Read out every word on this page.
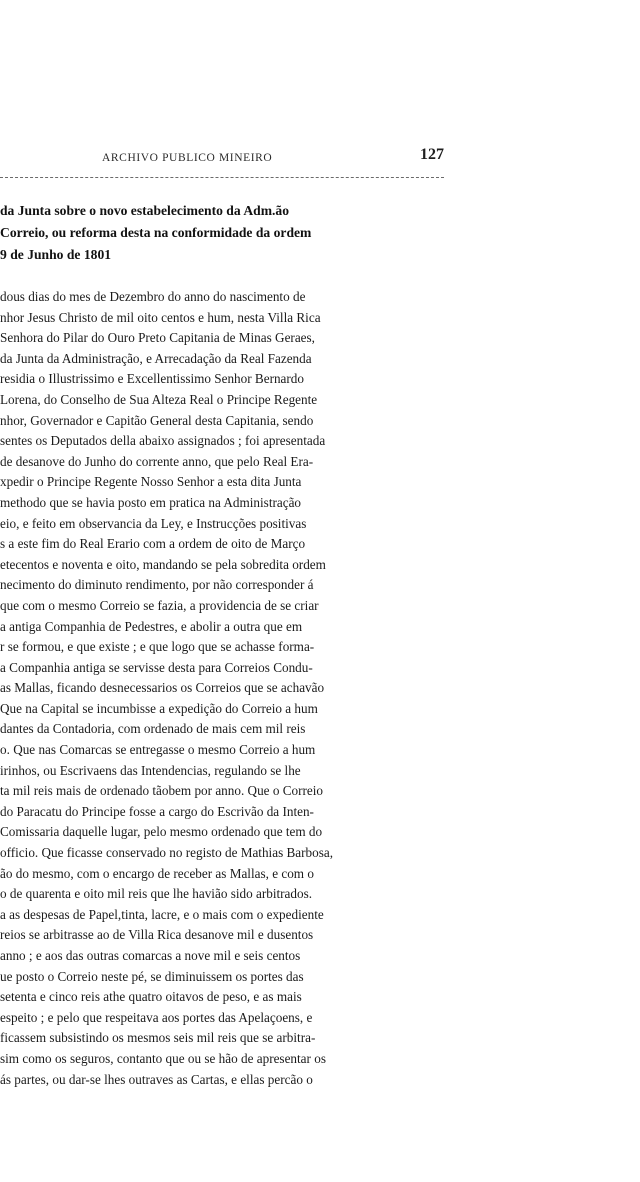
ARCHIVO PUBLICO MINEIRO	127
da Junta sobre o novo estabelecimento da Adm.ão
Correio, ou reforma desta na conformidade da ordem
9 de Junho de 1801
dous dias do mes de Dezembro do anno do nascimento de
nhor Jesus Christo de mil oito centos e hum, nesta Villa Rica
Senhora do Pilar do Ouro Preto Capitania de Minas Geraes,
da Junta da Administração, e Arrecadação da Real Fazenda
residia o Illustrissimo e Excellentissimo Senhor Bernardo
Lorena, do Conselho de Sua Alteza Real o Principe Regente
nhor, Governador e Capitão General desta Capitania, sendo
sentes os Deputados della abaixo assignados ; foi apresentada
de desanove do Junho do corrente anno, que pelo Real Era-
xpedir o Principe Regente Nosso Senhor a esta dita Junta
methodo que se havia posto em pratica na Administração
eio, e feito em observancia da Ley, e Instrucções positivas
s a este fim do Real Erario com a ordem de oito de Março
etecentos e noventa e oito, mandando se pela sobredita ordem
necimento do diminuto rendimento, por não corresponder á
que com o mesmo Correio se fazia, a providencia de se criar
a antiga Companhia de Pedestres, e abolir a outra que em
r se formou, e que existe ; e que logo que se achasse forma-
a Companhia antiga se servisse desta para Correios Condu-
as Mallas, ficando desnecessarios os Correios que se achavão
Que na Capital se incumbisse a expedição do Correio a hum
dantes da Contadoria, com ordenado de mais cem mil reis
o. Que nas Comarcas se entregasse o mesmo Correio a hum
irinhos, ou Escrivaens das Intendencias, regulando se lhe
ta mil reis mais de ordenado tãobem por anno. Que o Correio
do Paracatu do Principe fosse a cargo do Escrivão da Inten-
Comissaria daquelle lugar, pelo mesmo ordenado que tem do
officio. Que ficasse conservado no registo de Mathias Barbosa,
ão do mesmo, com o encargo de receber as Mallas, e com o
o de quarenta e oito mil reis que lhe havião sido arbitrados.
a as despesas de Papel,tinta, lacre, e o mais com o expediente
reios se arbitrasse ao de Villa Rica desanove mil e dusentos
anno ; e aos das outras comarcas a nove mil e seis centos
ue posto o Correio neste pé, se diminuissem os portes das
setenta e cinco reis athe quatro oitavos de peso, e as mais
espeito ; e pelo que respeitava aos portes das Apelaçoens, e
ficassem subsistindo os mesmos seis mil reis que se arbitra-
sim como os seguros, contanto que ou se hão de apresentar os
ás partes, ou dar-se lhes outraves as Cartas, e ellas percão o
